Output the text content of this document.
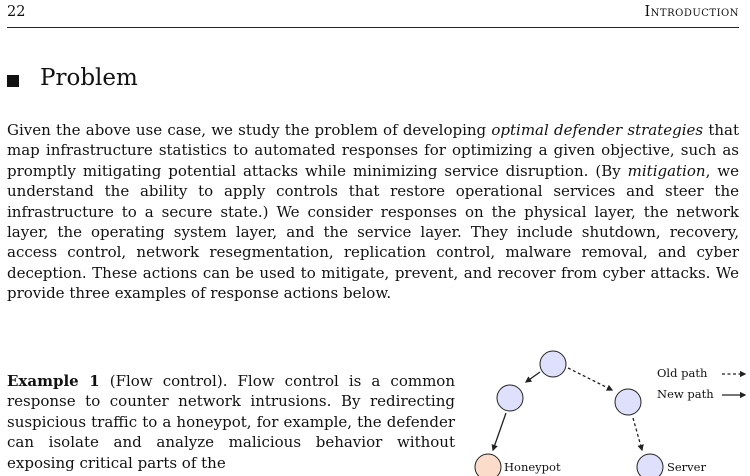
22	Introduction
Problem

Given the above use case, we study the problem of developing optimal defender strategies that map infrastructure statistics to automated responses for optimizing a given objective, such as promptly mitigating potential attacks while minimizing service disruption. (By mitigation, we understand the ability to apply controls that restore operational services and steer the infrastructure to a secure state.) We consider responses on the physical layer, the network layer, the operating system layer, and the service layer. They include shutdown, recovery, access control, network resegmentation, replication control, malware removal, and cyber deception. These actions can be used to mitigate, prevent, and recover from cyber attacks. We provide three examples of response actions below.

Example 1 (Flow control). Flow control is a common response to counter network intrusions. By redirecting suspicious traffic to a honeypot, for example, the defender can isolate and analyze malicious behavior without exposing critical parts of the

Old path
New path
Honeypot	Server
